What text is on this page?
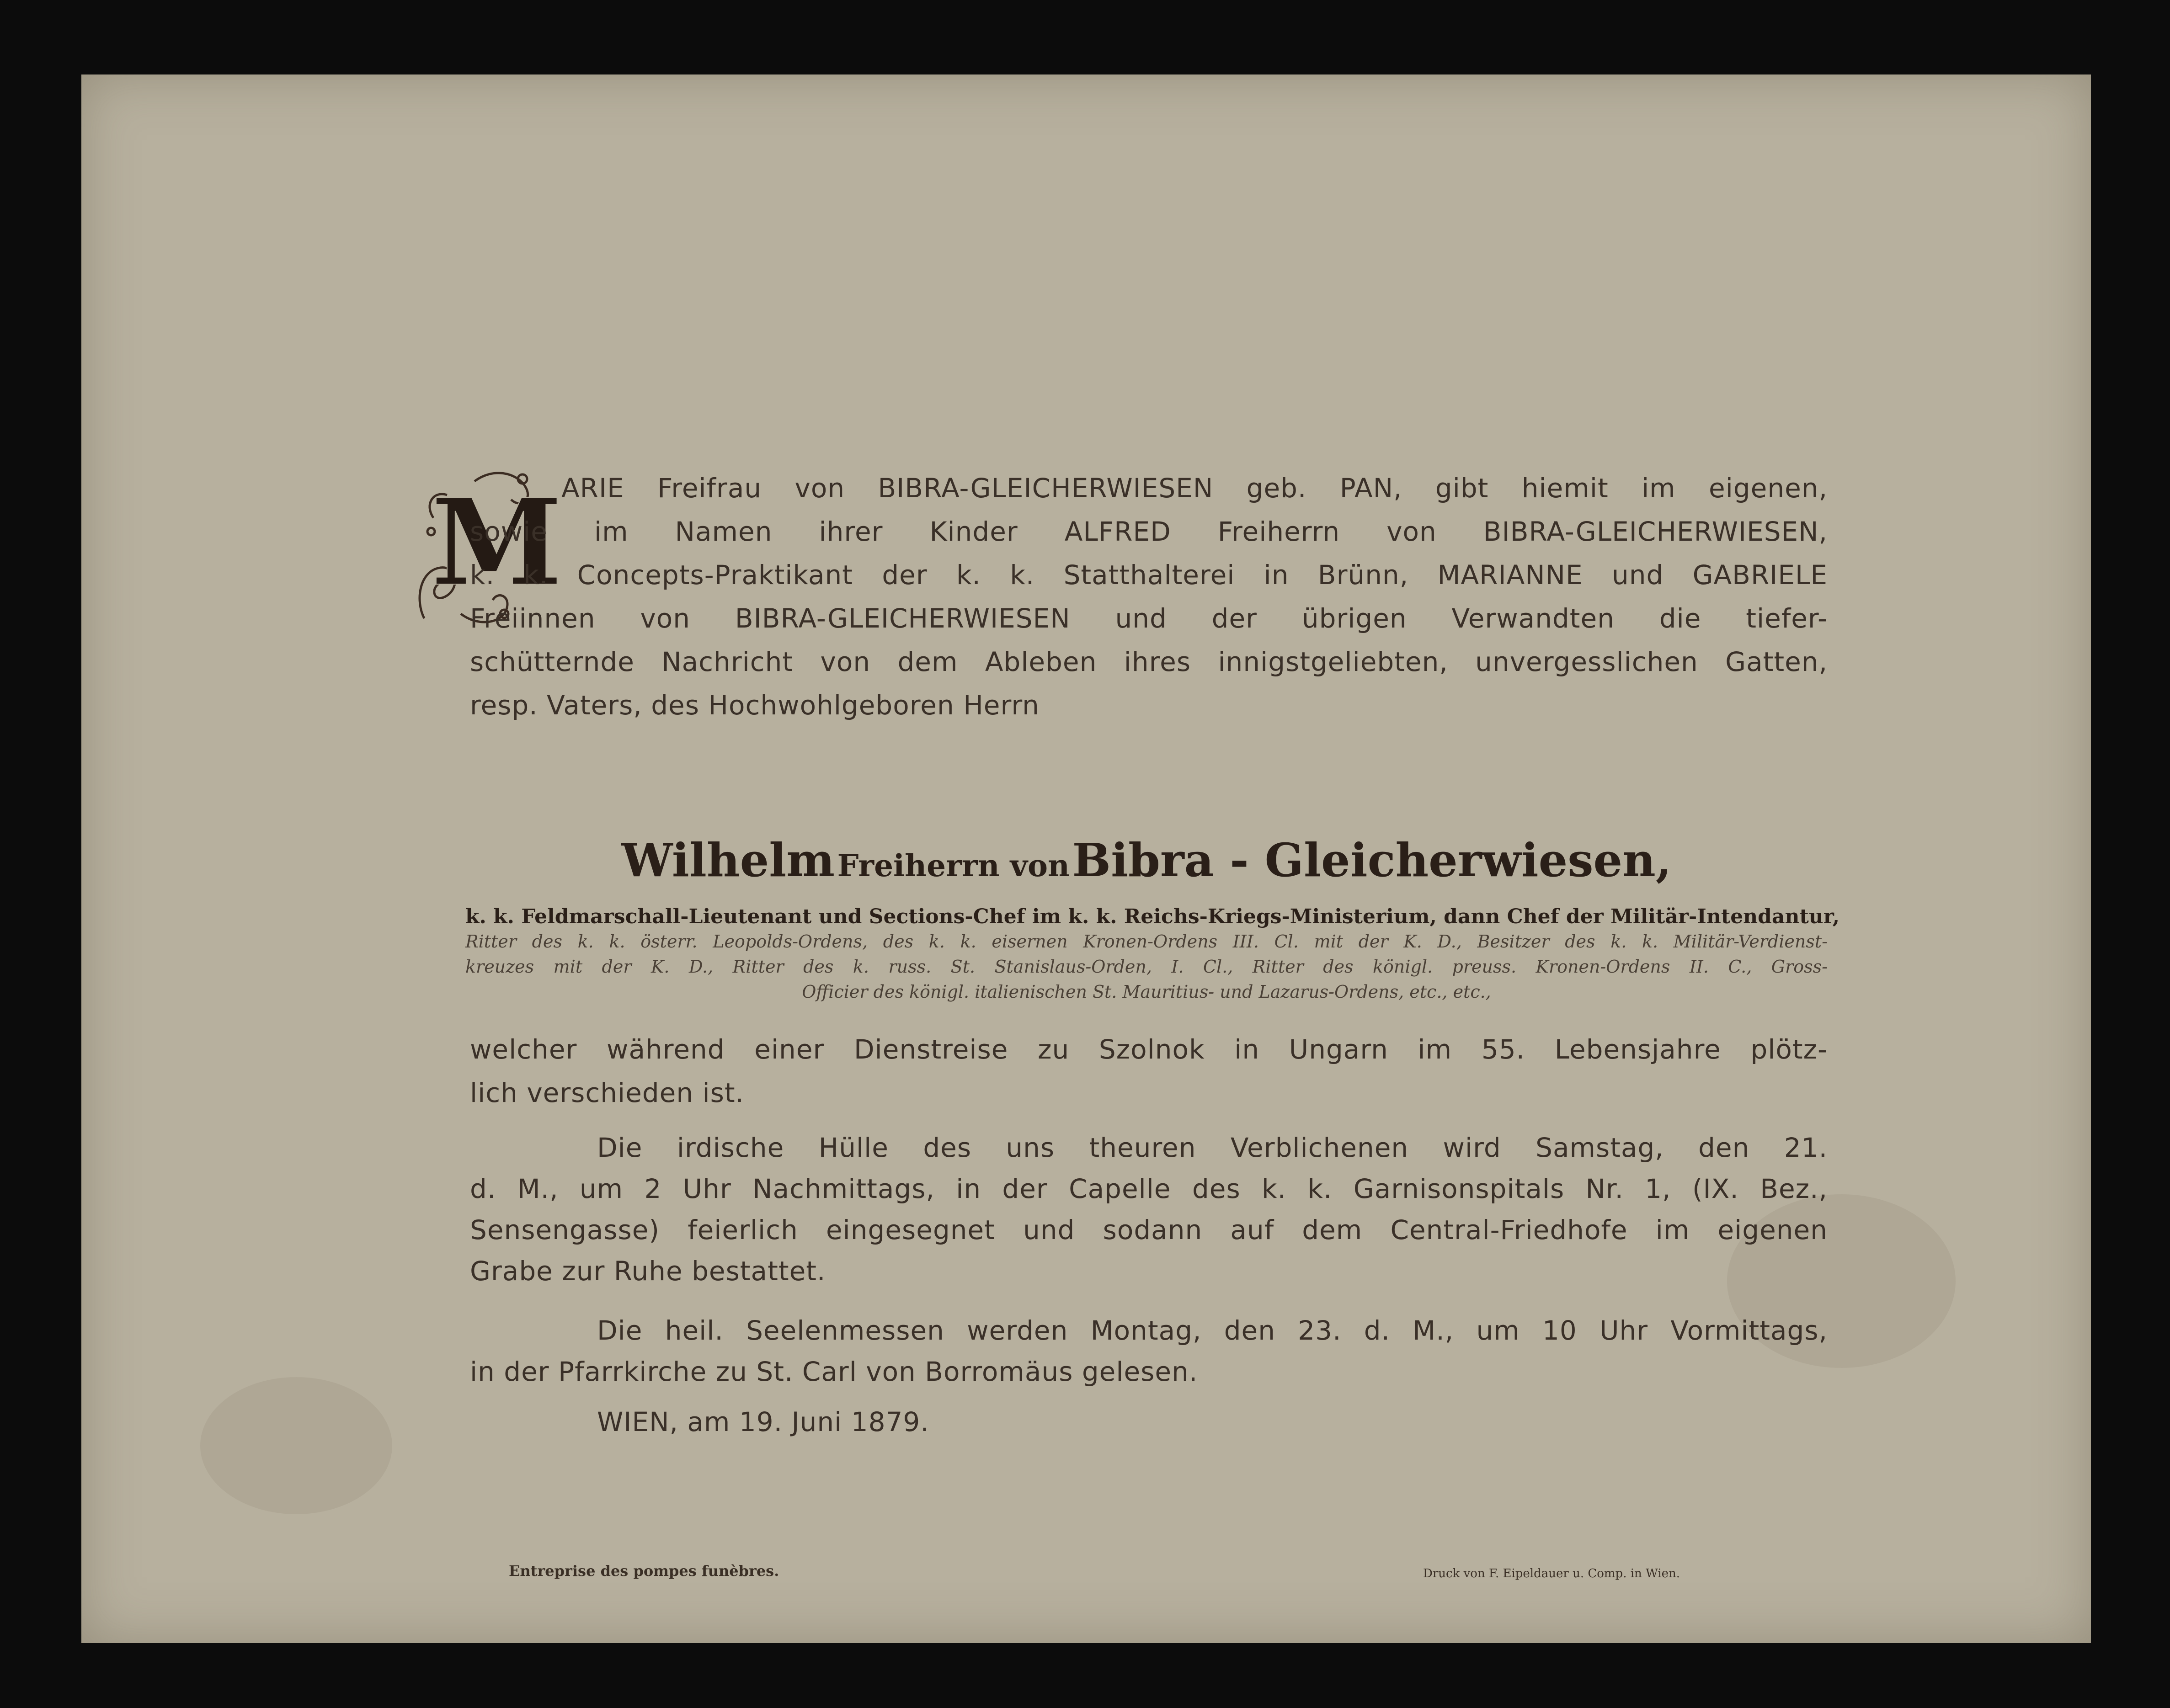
M
ARIE Freifrau von BIBRA-GLEICHERWIESEN geb. PAN, gibt hiemit im eigenen,
sowie im Namen ihrer Kinder ALFRED Freiherrn von BIBRA-GLEICHERWIESEN,
k. k. Concepts-Praktikant der k. k. Statthalterei in Brünn, MARIANNE und GABRIELE
Freiinnen von BIBRA-GLEICHERWIESEN und der übrigen Verwandten die tiefer-
schütternde Nachricht von dem Ableben ihres innigstgeliebten, unvergesslichen Gatten,
resp. Vaters, des Hochwohlgeboren Herrn
Wilhelm Freiherrn von Bibra - Gleicherwiesen,
k. k. Feldmarschall-Lieutenant und Sections-Chef im k. k. Reichs-Kriegs-Ministerium, dann Chef der Militär-Intendantur,
Ritter des k. k. österr. Leopolds-Ordens, des k. k. eisernen Kronen-Ordens III. Cl. mit der K. D., Besitzer des k. k. Militär-Verdienst-
kreuzes mit der K. D., Ritter des k. russ. St. Stanislaus-Orden, I. Cl., Ritter des königl. preuss. Kronen-Ordens II. C., Gross-
Officier des königl. italienischen St. Mauritius- und Lazarus-Ordens, etc., etc.,
welcher während einer Dienstreise zu Szolnok in Ungarn im 55. Lebensjahre plötz-
lich verschieden ist.
Die irdische Hülle des uns theuren Verblichenen wird Samstag, den 21.
d. M., um 2 Uhr Nachmittags, in der Capelle des k. k. Garnisonspitals Nr. 1, (IX. Bez.,
Sensengasse) feierlich eingesegnet und sodann auf dem Central-Friedhofe im eigenen
Grabe zur Ruhe bestattet.
Die heil. Seelenmessen werden Montag, den 23. d. M., um 10 Uhr Vormittags,
in der Pfarrkirche zu St. Carl von Borromäus gelesen.
WIEN, am 19. Juni 1879.
Entreprise des pompes funèbres.	Druck von F. Eipeldauer u. Comp. in Wien.
